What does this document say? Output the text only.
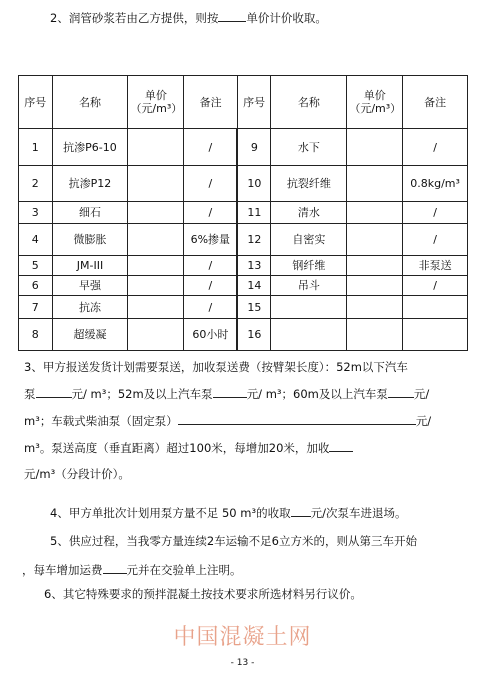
2、润管砂浆若由乙方提供，则按 单价计价收取。
序号	名称	单价（元/m³）	备注	序号	名称	单价（元/m³）	备注
1	抗渗P6-10		/	9	水下		/
2	抗渗P12		/	10	抗裂纤维		0.8kg/m³
3	细石		/	11	清水		/
4	微膨胀		6%掺量	12	自密实		/
5	JM-III		/	13	钢纤维		非泵送
6	早强		/	14	吊斗		/
7	抗冻		/	15			
8	超缓凝		60小时	16			
3、甲方报送发货计划需要泵送，加收泵送费（按臂架长度）：52m以下汽车
泵	元/ m³；52m及以上汽车泵	元/ m³；60m及以上汽车泵 元/
m³；车载式柴油泵（固定泵）	元/
m³。泵送高度（垂直距离）超过100米，每增加20米，加收
元/m³（分段计价）。
4、甲方单批次计划用泵方量不足 50 m³的收取 元/次泵车进退场。
5、供应过程，当我零方量连续2车运输不足6立方米的，则从第三车开始
，每车增加运费 元并在交验单上注明。
6、其它特殊要求的预拌混凝土按技术要求所选材料另行议价。
中国混凝土网
- 13 -
